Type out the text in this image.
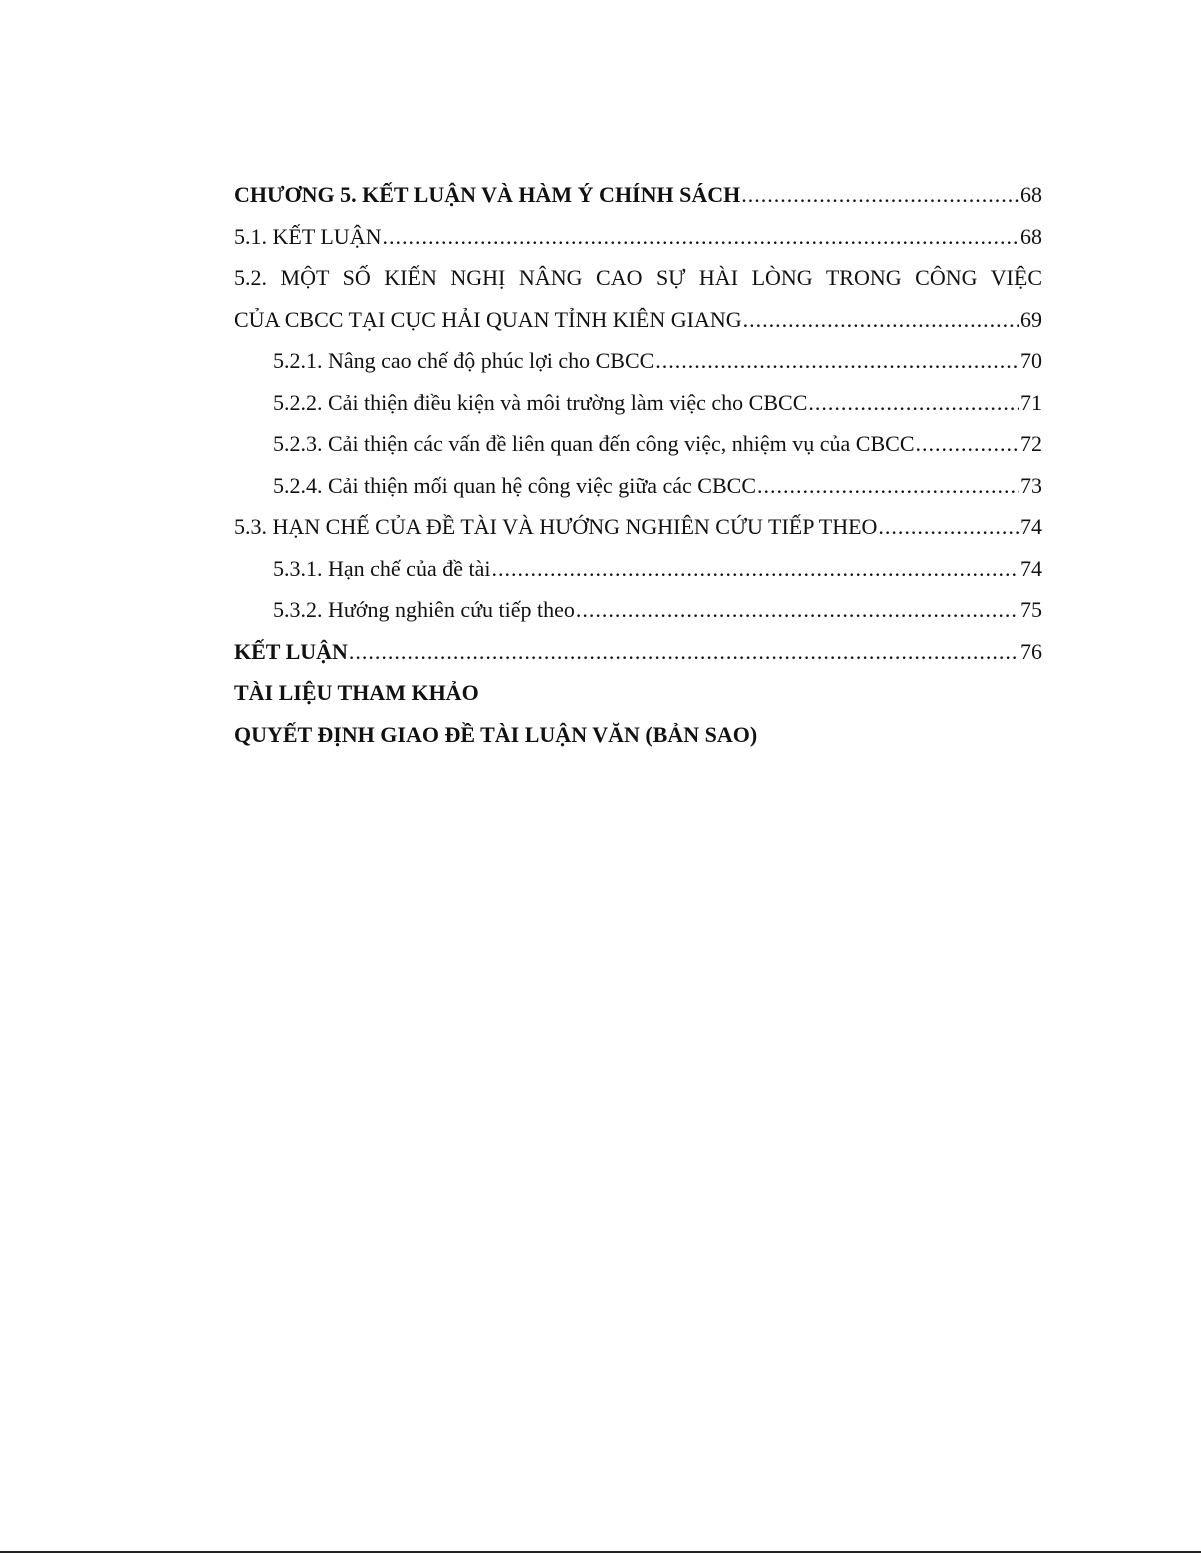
CHƯƠNG 5. KẾT LUẬN VÀ HÀM Ý CHÍNH SÁCH .....	68
5.1. KẾT LUẬN .....	68
5.2. MỘT SỐ KIẾN NGHỊ NÂNG CAO SỰ HÀI LÒNG TRONG CÔNG VIỆC
CỦA CBCC TẠI CỤC HẢI QUAN TỈNH KIÊN GIANG .....	69
5.2.1. Nâng cao chế độ phúc lợi cho CBCC .....	70
5.2.2. Cải thiện điều kiện và môi trường làm việc cho CBCC .....	71
5.2.3. Cải thiện các vấn đề liên quan đến công việc, nhiệm vụ của CBCC .....	72
5.2.4. Cải thiện mối quan hệ công việc giữa các CBCC .....	73
5.3. HẠN CHẾ CỦA ĐỀ TÀI VÀ HƯỚNG NGHIÊN CỨU TIẾP THEO .....	74
5.3.1. Hạn chế của đề tài .....	74
5.3.2. Hướng nghiên cứu tiếp theo .....	75
KẾT LUẬN .....	76
TÀI LIỆU THAM KHẢO
QUYẾT ĐỊNH GIAO ĐỀ TÀI LUẬN VĂN (BẢN SAO)
